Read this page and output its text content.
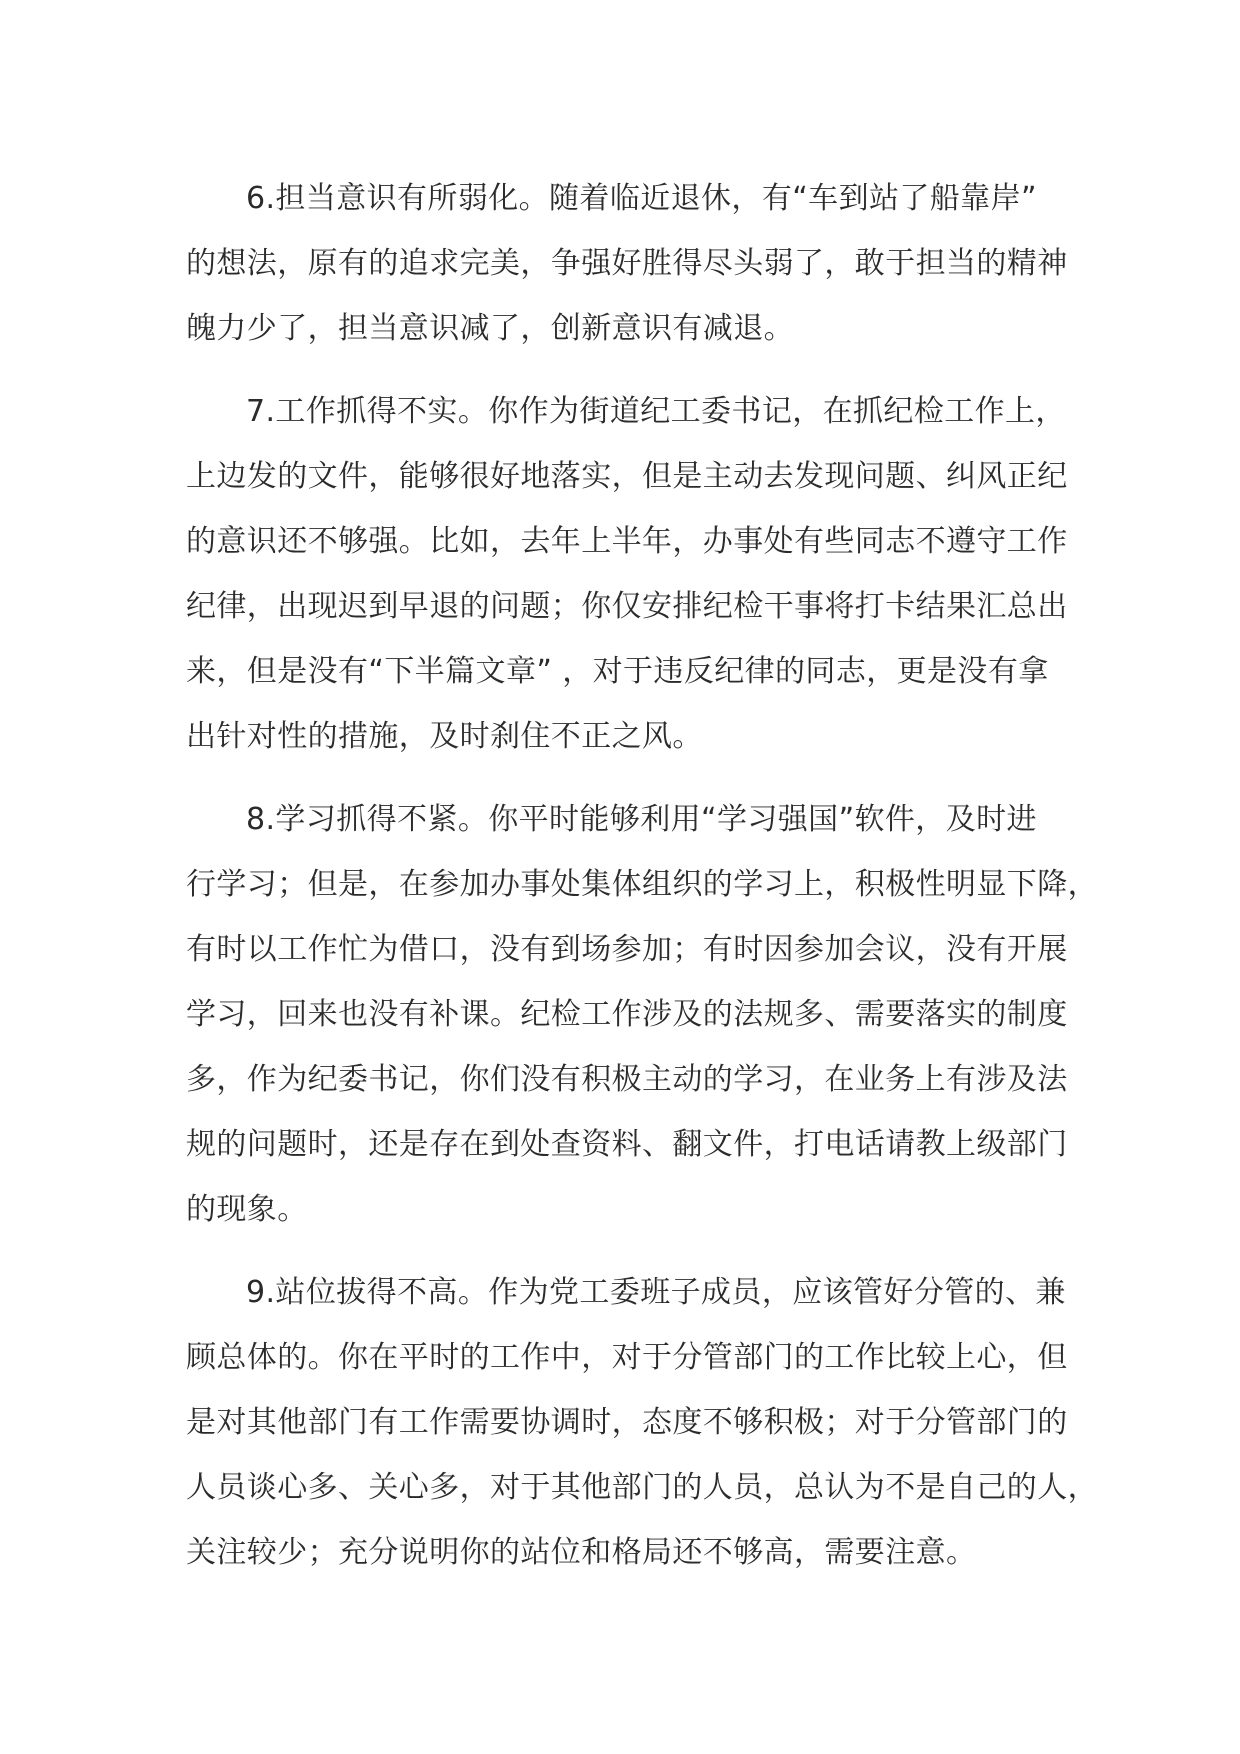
6.担当意识有所弱化。随着临近退休，有“车到站了船靠岸”
的想法，原有的追求完美，争强好胜得尽头弱了，敢于担当的精神
魄力少了，担当意识减了，创新意识有减退。

7.工作抓得不实。你作为街道纪工委书记，在抓纪检工作上，
上边发的文件，能够很好地落实，但是主动去发现问题、纠风正纪
的意识还不够强。比如，去年上半年，办事处有些同志不遵守工作
纪律，出现迟到早退的问题；你仅安排纪检干事将打卡结果汇总出
来，但是没有“下半篇文章” ，对于违反纪律的同志，更是没有拿
出针对性的措施，及时刹住不正之风。

8.学习抓得不紧。你平时能够利用“学习强国”软件，及时进
行学习；但是，在参加办事处集体组织的学习上，积极性明显下降，
有时以工作忙为借口，没有到场参加；有时因参加会议，没有开展
学习，回来也没有补课。纪检工作涉及的法规多、需要落实的制度
多，作为纪委书记，你们没有积极主动的学习，在业务上有涉及法
规的问题时，还是存在到处查资料、翻文件，打电话请教上级部门
的现象。

9.站位拔得不高。作为党工委班子成员，应该管好分管的、兼
顾总体的。你在平时的工作中，对于分管部门的工作比较上心，但
是对其他部门有工作需要协调时，态度不够积极；对于分管部门的
人员谈心多、关心多，对于其他部门的人员，总认为不是自己的人，
关注较少；充分说明你的站位和格局还不够高，需要注意。
